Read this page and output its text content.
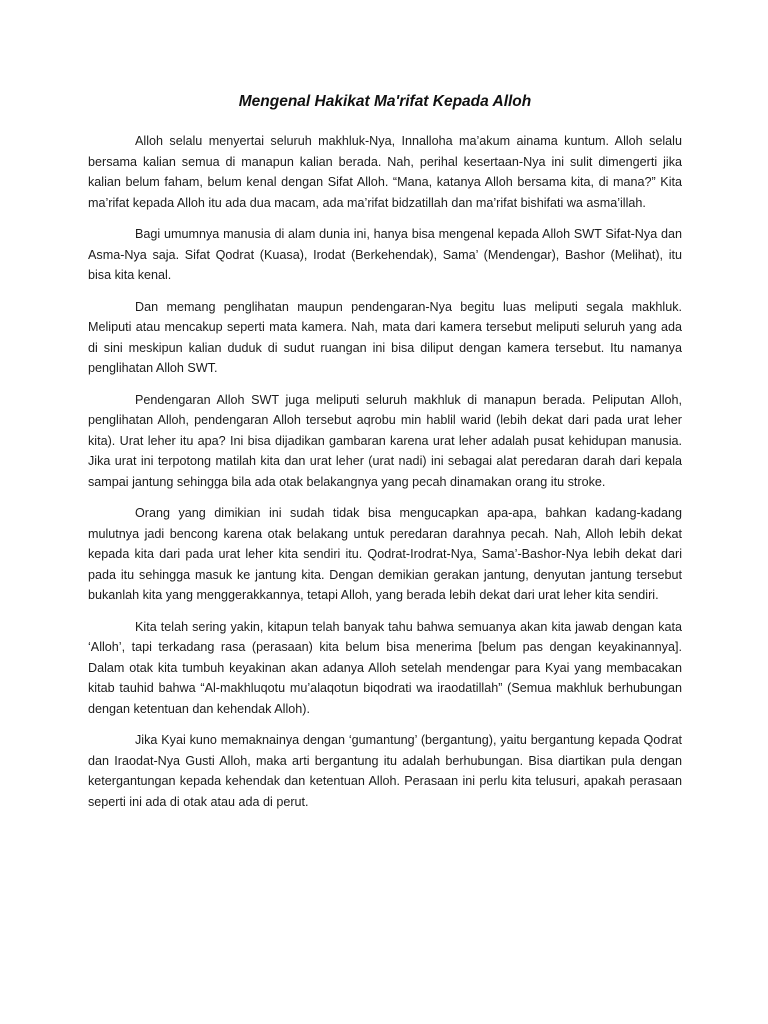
Mengenal Hakikat Ma'rifat Kepada Alloh

Alloh selalu menyertai seluruh makhluk-Nya, Innalloha ma’akum ainama kuntum. Alloh selalu bersama kalian semua di manapun kalian berada. Nah, perihal kesertaan-Nya ini sulit dimengerti jika kalian belum faham, belum kenal dengan Sifat Alloh. “Mana, katanya Alloh bersama kita, di mana?” Kita ma’rifat kepada Alloh itu ada dua macam, ada ma’rifat bidzatillah dan ma’rifat bishifati wa asma’illah.

Bagi umumnya manusia di alam dunia ini, hanya bisa mengenal kepada Alloh SWT Sifat-Nya dan Asma-Nya saja. Sifat Qodrat (Kuasa), Irodat (Berkehendak), Sama’ (Mendengar), Bashor (Melihat), itu bisa kita kenal.

Dan memang penglihatan maupun pendengaran-Nya begitu luas meliputi segala makhluk. Meliputi atau mencakup seperti mata kamera. Nah, mata dari kamera tersebut meliputi seluruh yang ada di sini meskipun kalian duduk di sudut ruangan ini bisa diliput dengan kamera tersebut. Itu namanya penglihatan Alloh SWT.

Pendengaran Alloh SWT juga meliputi seluruh makhluk di manapun berada. Peliputan Alloh, penglihatan Alloh, pendengaran Alloh tersebut aqrobu min hablil warid (lebih dekat dari pada urat leher kita). Urat leher itu apa? Ini bisa dijadikan gambaran karena urat leher adalah pusat kehidupan manusia. Jika urat ini terpotong matilah kita dan urat leher (urat nadi) ini sebagai alat peredaran darah dari kepala sampai jantung sehingga bila ada otak belakangnya yang pecah dinamakan orang itu stroke.

Orang yang dimikian ini sudah tidak bisa mengucapkan apa-apa, bahkan kadang-kadang mulutnya jadi bencong karena otak belakang untuk peredaran darahnya pecah. Nah, Alloh lebih dekat kepada kita dari pada urat leher kita sendiri itu. Qodrat-Irodrat-Nya, Sama’-Bashor-Nya lebih dekat dari pada itu sehingga masuk ke jantung kita. Dengan demikian gerakan jantung, denyutan jantung tersebut bukanlah kita yang menggerakkannya, tetapi Alloh, yang berada lebih dekat dari urat leher kita sendiri.

Kita telah sering yakin, kitapun telah banyak tahu bahwa semuanya akan kita jawab dengan kata ‘Alloh’, tapi terkadang rasa (perasaan) kita belum bisa menerima [belum pas dengan keyakinannya]. Dalam otak kita tumbuh keyakinan akan adanya Alloh setelah mendengar para Kyai yang membacakan kitab tauhid bahwa “Al-makhluqotu mu’alaqotun biqodrati wa iraodatillah” (Semua makhluk berhubungan dengan ketentuan dan kehendak Alloh).

Jika Kyai kuno memaknainya dengan ‘gumantung’ (bergantung), yaitu bergantung kepada Qodrat dan Iraodat-Nya Gusti Alloh, maka arti bergantung itu adalah berhubungan. Bisa diartikan pula dengan ketergantungan kepada kehendak dan ketentuan Alloh. Perasaan ini perlu kita telusuri, apakah perasaan seperti ini ada di otak atau ada di perut.
